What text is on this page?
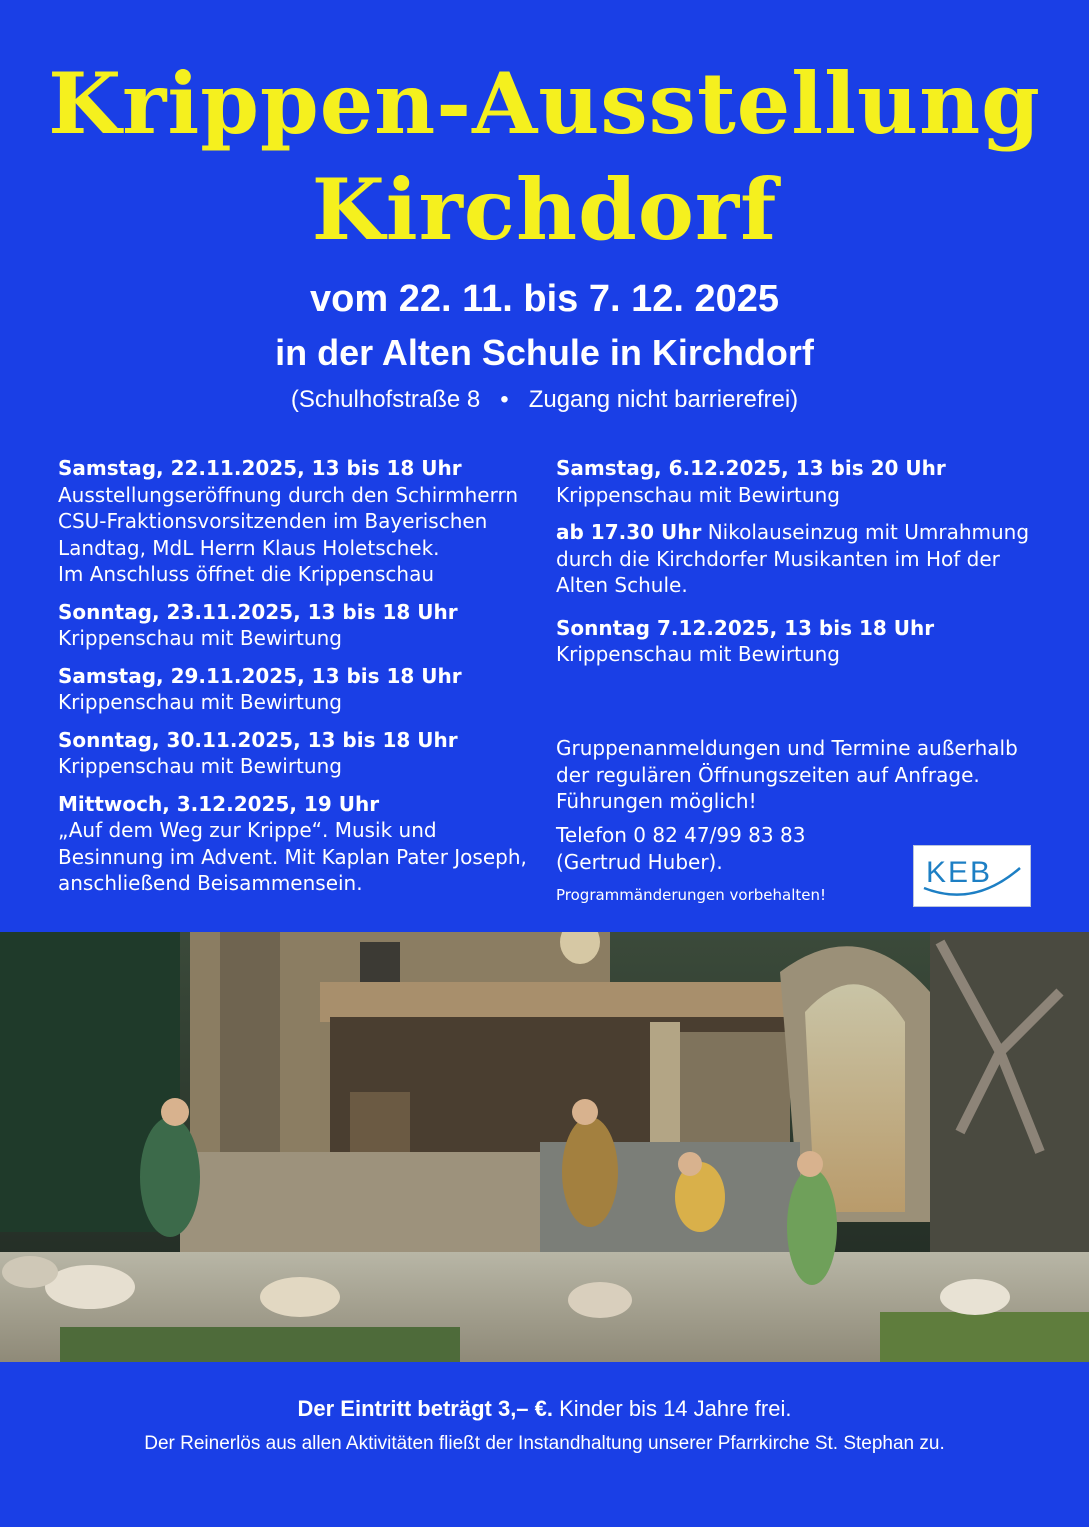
Krippen-Ausstellung
Kirchdorf
vom 22. 11. bis 7. 12. 2025
in der Alten Schule in Kirchdorf
(Schulhofstraße 8 • Zugang nicht barrierefrei)
Samstag, 22.11.2025, 13 bis 18 Uhr
Ausstellungseröffnung durch den Schirmherrn
CSU-Fraktionsvorsitzenden im Bayerischen
Landtag, MdL Herrn Klaus Holetschek.
Im Anschluss öffnet die Krippenschau
Sonntag, 23.11.2025, 13 bis 18 Uhr
Krippenschau mit Bewirtung
Samstag, 29.11.2025, 13 bis 18 Uhr
Krippenschau mit Bewirtung
Sonntag, 30.11.2025, 13 bis 18 Uhr
Krippenschau mit Bewirtung
Mittwoch, 3.12.2025, 19 Uhr
„Auf dem Weg zur Krippe“. Musik und
Besinnung im Advent. Mit Kaplan Pater Joseph,
anschließend Beisammensein.
Samstag, 6.12.2025, 13 bis 20 Uhr
Krippenschau mit Bewirtung
ab 17.30 Uhr Nikolauseinzug mit Umrahmung
durch die Kirchdorfer Musikanten im Hof der
Alten Schule.
Sonntag 7.12.2025, 13 bis 18 Uhr
Krippenschau mit Bewirtung
Gruppenanmeldungen und Termine außerhalb
der regulären Öffnungszeiten auf Anfrage.
Führungen möglich!
Telefon 0 82 47/99 83 83
(Gertrud Huber).
Programmänderungen vorbehalten!
KEB
Der Eintritt beträgt 3,– €. Kinder bis 14 Jahre frei.
Der Reinerlös aus allen Aktivitäten fließt der Instandhaltung unserer Pfarrkirche St. Stephan zu.
